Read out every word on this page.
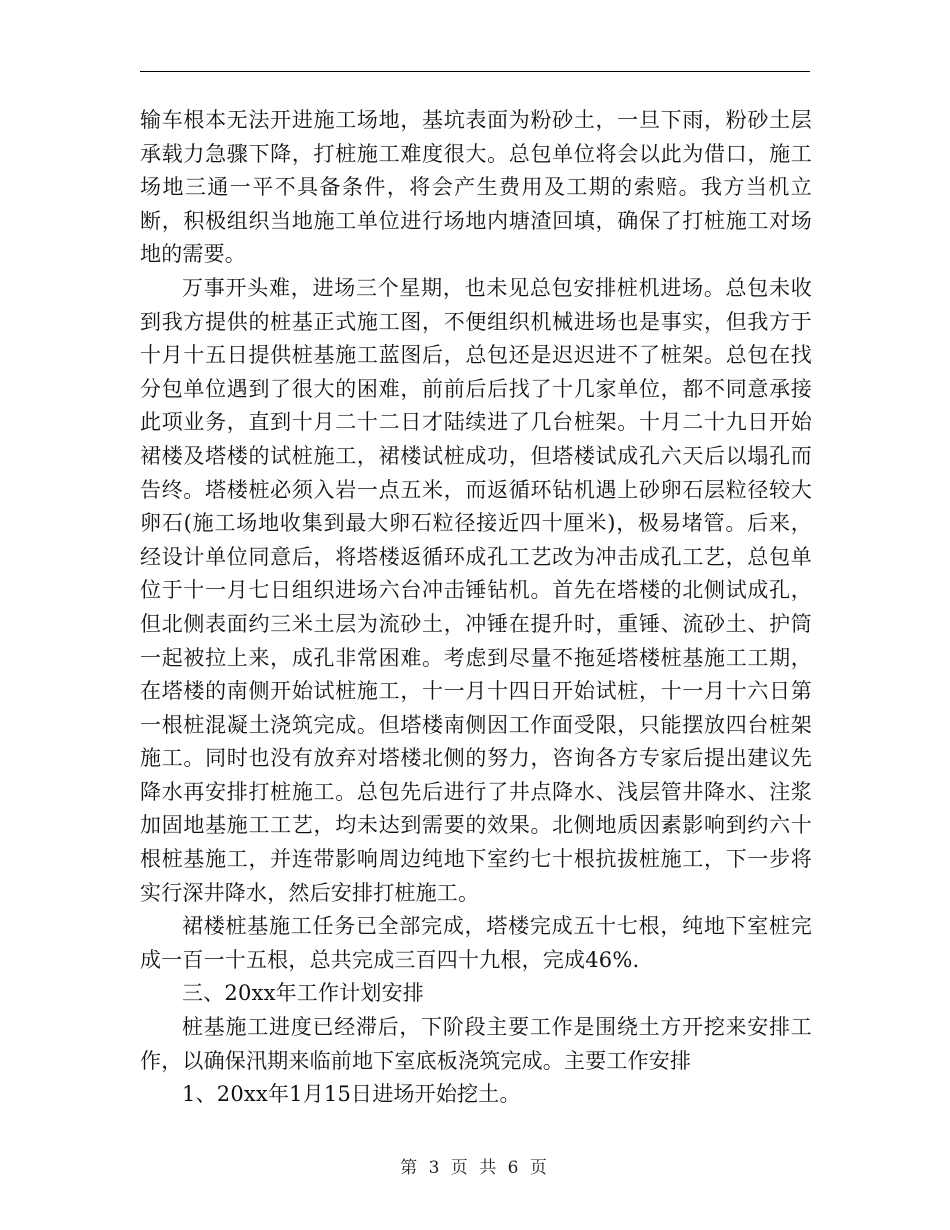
输车根本无法开进施工场地，基坑表面为粉砂土，一旦下雨，粉砂土层承载力急骤下降，打桩施工难度很大。总包单位将会以此为借口，施工场地三通一平不具备条件，将会产生费用及工期的索赔。我方当机立断，积极组织当地施工单位进行场地内塘渣回填，确保了打桩施工对场地的需要。

万事开头难，进场三个星期，也未见总包安排桩机进场。总包未收到我方提供的桩基正式施工图，不便组织机械进场也是事实，但我方于十月十五日提供桩基施工蓝图后，总包还是迟迟进不了桩架。总包在找分包单位遇到了很大的困难，前前后后找了十几家单位，都不同意承接此项业务，直到十月二十二日才陆续进了几台桩架。十月二十九日开始裙楼及塔楼的试桩施工，裙楼试桩成功，但塔楼试成孔六天后以塌孔而告终。塔楼桩必须入岩一点五米，而返循环钻机遇上砂卵石层粒径较大卵石(施工场地收集到最大卵石粒径接近四十厘米)，极易堵管。后来，经设计单位同意后，将塔楼返循环成孔工艺改为冲击成孔工艺，总包单位于十一月七日组织进场六台冲击锤钻机。首先在塔楼的北侧试成孔，但北侧表面约三米土层为流砂土，冲锤在提升时，重锤、流砂土、护筒一起被拉上来，成孔非常困难。考虑到尽量不拖延塔楼桩基施工工期，在塔楼的南侧开始试桩施工，十一月十四日开始试桩，十一月十六日第一根桩混凝土浇筑完成。但塔楼南侧因工作面受限，只能摆放四台桩架施工。同时也没有放弃对塔楼北侧的努力，咨询各方专家后提出建议先降水再安排打桩施工。总包先后进行了井点降水、浅层管井降水、注浆加固地基施工工艺，均未达到需要的效果。北侧地质因素影响到约六十根桩基施工，并连带影响周边纯地下室约七十根抗拔桩施工，下一步将实行深井降水，然后安排打桩施工。

裙楼桩基施工任务已全部完成，塔楼完成五十七根，纯地下室桩完成一百一十五根，总共完成三百四十九根，完成46%.

三、20xx年工作计划安排

桩基施工进度已经滞后，下阶段主要工作是围绕土方开挖来安排工作，以确保汛期来临前地下室底板浇筑完成。主要工作安排

1、20xx年1月15日进场开始挖土。

第 3 页 共 6 页
